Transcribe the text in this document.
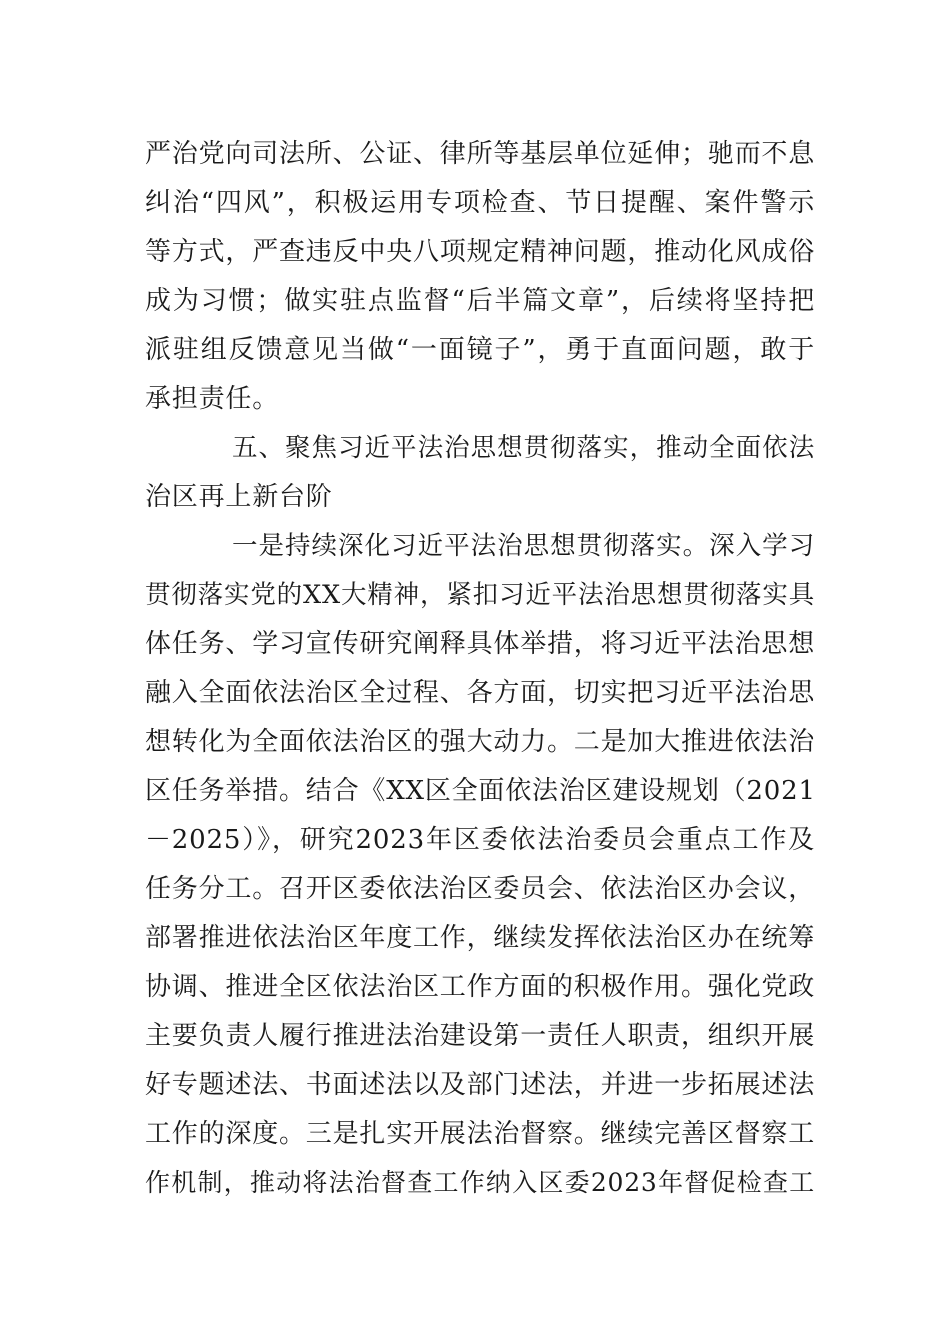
严治党向司法所、公证、律所等基层单位延伸；驰而不息
纠治“四风”，积极运用专项检查、节日提醒、案件警示
等方式，严查违反中央八项规定精神问题，推动化风成俗
成为习惯；做实驻点监督“后半篇文章”，后续将坚持把
派驻组反馈意见当做“一面镜子”，勇于直面问题，敢于
承担责任。
五、聚焦习近平法治思想贯彻落实，推动全面依法
治区再上新台阶
一是持续深化习近平法治思想贯彻落实。深入学习
贯彻落实党的XX大精神，紧扣习近平法治思想贯彻落实具
体任务、学习宣传研究阐释具体举措，将习近平法治思想
融入全面依法治区全过程、各方面，切实把习近平法治思
想转化为全面依法治区的强大动力。二是加大推进依法治
区任务举措。结合《XX区全面依法治区建设规划（2021
－2025）》，研究2023年区委依法治委员会重点工作及
任务分工。召开区委依法治区委员会、依法治区办会议，
部署推进依法治区年度工作，继续发挥依法治区办在统筹
协调、推进全区依法治区工作方面的积极作用。强化党政
主要负责人履行推进法治建设第一责任人职责，组织开展
好专题述法、书面述法以及部门述法，并进一步拓展述法
工作的深度。三是扎实开展法治督察。继续完善区督察工
作机制，推动将法治督查工作纳入区委2023年督促检查工
